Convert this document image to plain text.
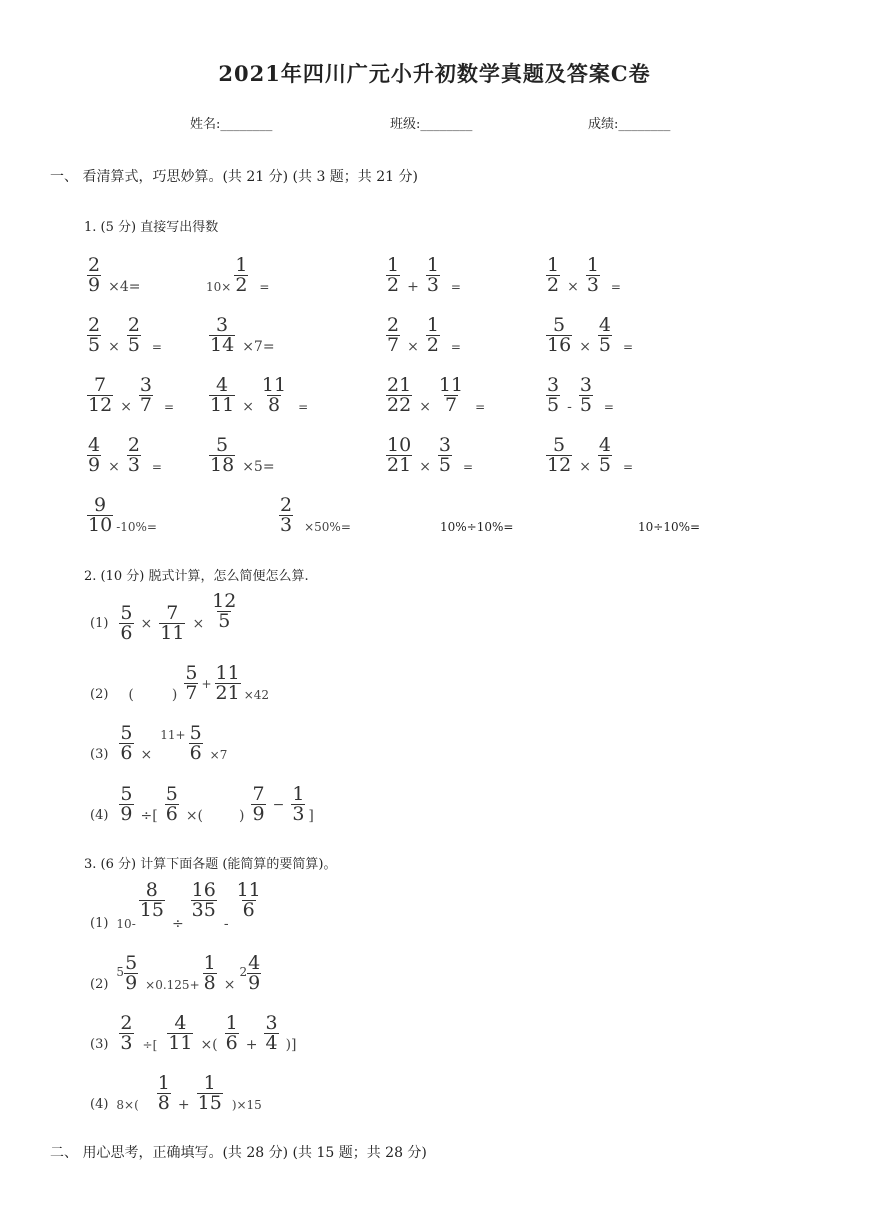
2021年四川广元小升初数学真题及答案C卷
姓名:________	班级:________	成绩:________
一、 看清算式，巧思妙算。(共 21 分) (共 3 题；共 21 分)
1. (5 分) 直接写出得数
$\frac{2}{9} \times 4=$	$10\times \frac{1}{2}$ =	$\frac{1}{2} + \frac{1}{3}$ =	$\frac{1}{2} \times \frac{1}{3}$ =
$\frac{2}{5} \times \frac{2}{5} = \frac{3}{14} \times 7=$	$\frac{2}{7} \times \frac{1}{2}$ =	$\frac{5}{16} \times \frac{4}{5}$ =
$\frac{7}{12} \times \frac{3}{7} = \frac{4}{11} \times \frac{11}{8}$ =	$\frac{21}{22} \times \frac{11}{7}$ =	$\frac{3}{5} - \frac{3}{5}$ =
$\frac{4}{9} \times \frac{2}{3} = \frac{5}{18} \times 5=$	$\frac{10}{21} \times \frac{3}{5}$ =	$\frac{5}{12} \times \frac{4}{5}$ =
$\frac{9}{10} -10\%=$	$\frac{2}{3} \times 50\%=$	10%÷10%=	10÷10%=
2. (10 分) 脱式计算，怎么简便怎么算.
$(1) \frac{5}{6} \times \frac{7}{11} \times \frac{12}{5}$
(2) (	) $\frac{5}{7} + \frac{11}{21} \times 42$
$(3) \frac{5}{6}$ ×
$11+ \frac{5}{6} \times 7$
$(4) \frac{5}{9}$ ÷[ $\frac{5}{6}$ ×(	) $\frac{7}{9} - \frac{1}{3}$ ]
3. (6 分) 计算下面各题 (能简算的要简算)。
(1) 10-
$\frac{8}{15}$
÷
$\frac{16}{35}$
-
$\frac{11}{6}$
(2)
$5 \frac{5}{9} \times 0.125+ \frac{1}{8}$ ×
$2 \frac{4}{9}$
$(3) \frac{2}{3}$ ÷[ $\frac{4}{11}$ ×( $\frac{1}{6} + \frac{3}{4}$ )]
(4) $8\times( \frac{1}{8} + \frac{1}{15} )\times 15$
二、 用心思考，正确填写。(共 28 分) (共 15 题；共 28 分)
